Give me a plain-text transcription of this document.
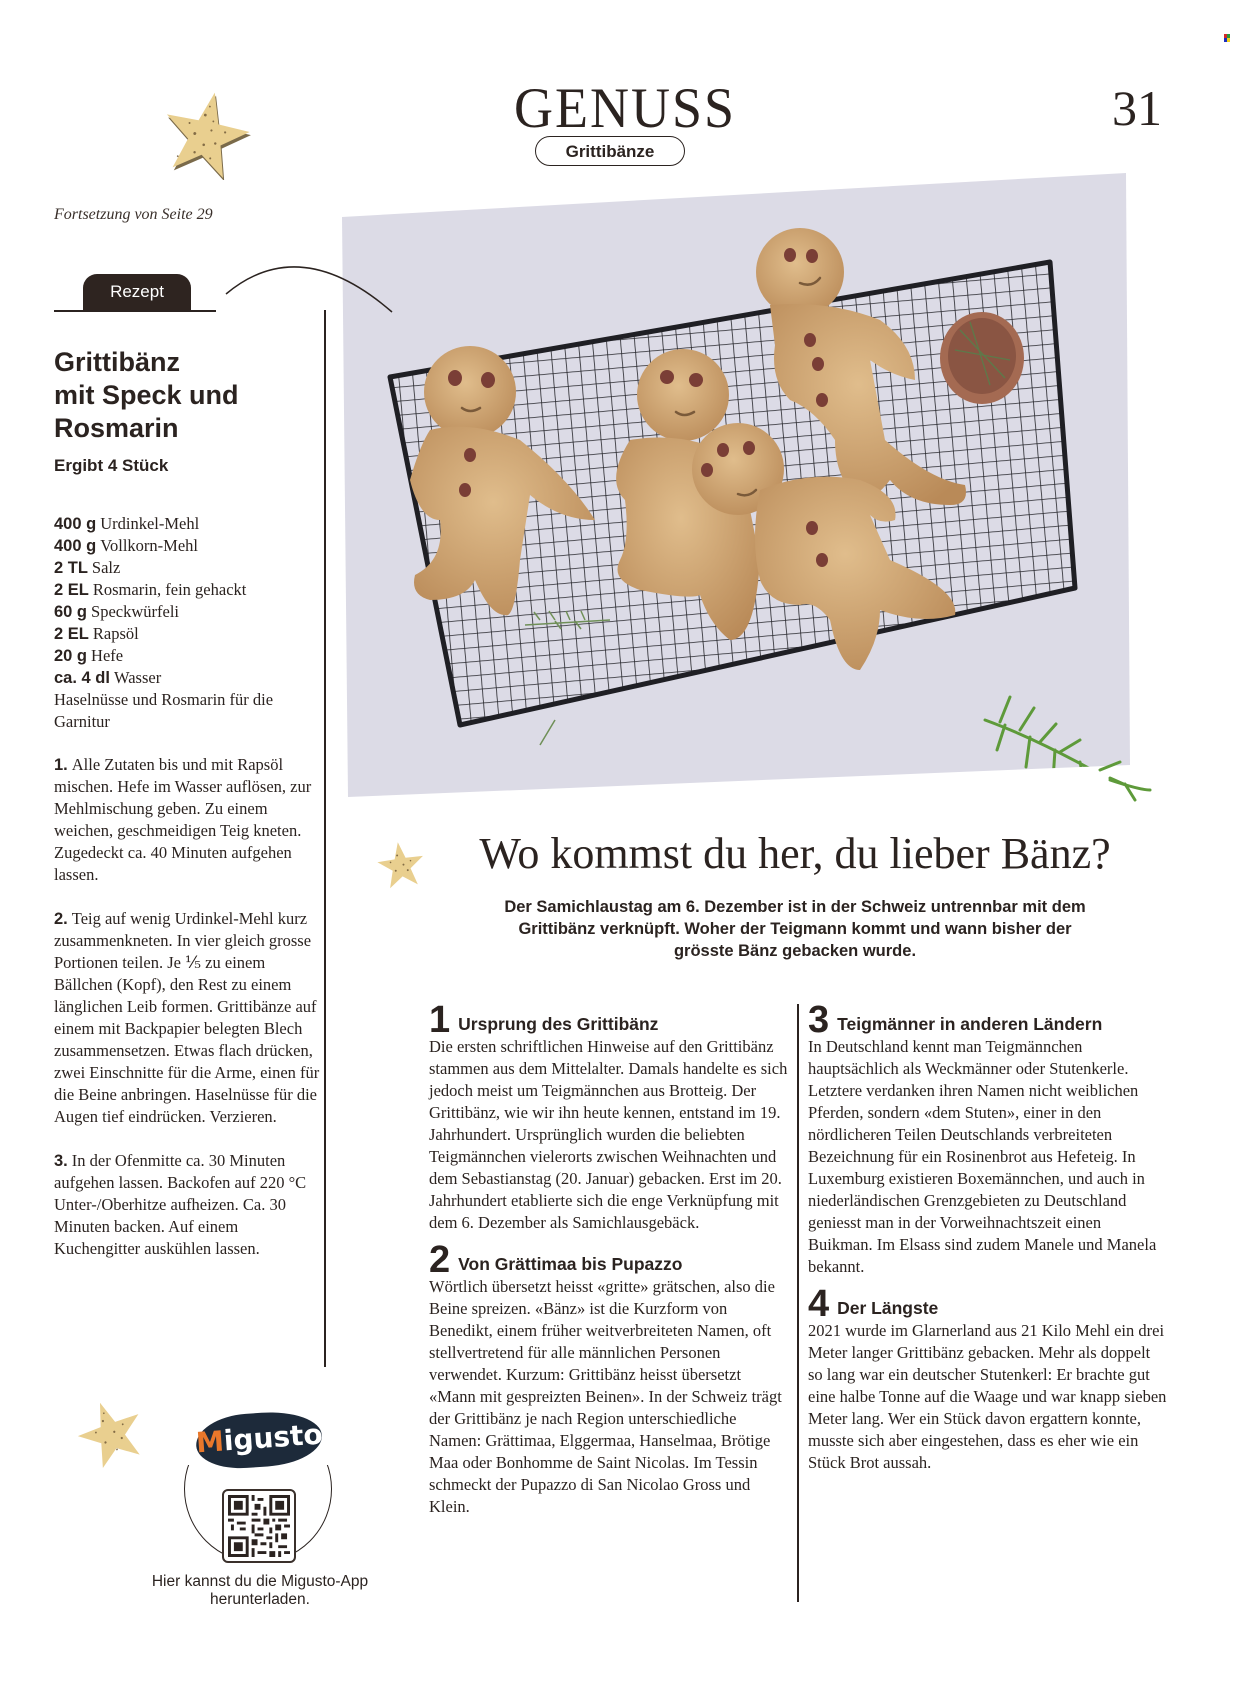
GENUSS	31
Grittibänze
Fortsetzung von Seite 29
Rezept
Grittibänz
mit Speck und
Rosmarin
Ergibt 4 Stück
400 g Urdinkel-Mehl
400 g Vollkorn-Mehl
2 TL Salz
2 EL Rosmarin, fein gehackt
60 g Speckwürfeli
2 EL Rapsöl
20 g Hefe
ca. 4 dl Wasser
Haselnüsse und Rosmarin für die Garnitur

1. Alle Zutaten bis und mit Rapsöl mischen. Hefe im Wasser auflösen, zur Mehlmischung geben. Zu einem weichen, geschmeidigen Teig kneten. Zugedeckt ca. 40 Minuten aufgehen lassen.

2. Teig auf wenig Urdinkel-Mehl kurz zusammenkneten. In vier gleich grosse Portionen teilen. Je ⅕ zu einem Bällchen (Kopf), den Rest zu einem länglichen Leib formen. Grittibänze auf einem mit Backpapier belegten Blech zusammensetzen. Etwas flach drücken, zwei Einschnitte für die Arme, einen für die Beine anbringen. Haselnüsse für die Augen tief eindrücken. Verzieren.

3. In der Ofenmitte ca. 30 Minuten aufgehen lassen. Backofen auf 220 °C Unter-/Oberhitze aufheizen. Ca. 30 Minuten backen. Auf einem Kuchengitter auskühlen lassen.

Wo kommst du her, du lieber Bänz?
Der Samichlaustag am 6. Dezember ist in der Schweiz untrennbar mit dem Grittibänz verknüpft. Woher der Teigmann kommt und wann bisher der grösste Bänz gebacken wurde.
1 Ursprung des Grittibänz

Die ersten schriftlichen Hinweise auf den Grittibänz stammen aus dem Mittelalter. Damals handelte es sich jedoch meist um Teigmännchen aus Brotteig. Der Grittibänz, wie wir ihn heute kennen, entstand im 19. Jahrhundert. Ursprünglich wurden die beliebten Teigmännchen vielerorts zwischen Weihnachten und dem Sebastianstag (20. Januar) gebacken. Erst im 20. Jahrhundert etablierte sich die enge Verknüpfung mit dem 6. Dezember als Samichlausgebäck.

2 Von Grättimaa bis Pupazzo

Wörtlich übersetzt heisst «gritte» grätschen, also die Beine spreizen. «Bänz» ist die Kurzform von Benedikt, einem früher weitverbreiteten Namen, oft stellvertretend für alle männlichen Personen verwendet. Kurzum: Grittibänz heisst übersetzt «Mann mit gespreizten Beinen». In der Schweiz trägt der Grittibänz je nach Region unterschiedliche Namen: Grättimaa, Elggermaa, Hanselmaa, Brötige Maa oder Bonhomme de Saint Nicolas. Im Tessin schmeckt der Pupazzo di San Nicolao Gross und Klein.

3 Teigmänner in anderen Ländern

In Deutschland kennt man Teigmännchen hauptsächlich als Weckmänner oder Stutenkerle. Letztere verdanken ihren Namen nicht weiblichen Pferden, sondern «dem Stuten», einer in den nördlicheren Teilen Deutschlands verbreiteten Bezeichnung für ein Rosinenbrot aus Hefeteig. In Luxemburg existieren Boxemännchen, und auch in niederländischen Grenzgebieten zu Deutschland geniesst man in der Vorweihnachtszeit einen Buikman. Im Elsass sind zudem Manele und Manela bekannt.

4 Der Längste

2021 wurde im Glarnerland aus 21 Kilo Mehl ein drei Meter langer Grittibänz gebacken. Mehr als doppelt so lang war ein deutscher Stutenkerl: Er brachte gut eine halbe Tonne auf die Waage und war knapp sieben Meter lang. Wer ein Stück davon ergattern konnte, musste sich aber eingestehen, dass es eher wie ein Stück Brot aussah.

Migusto
Hier kannst du die Migusto-App herunterladen.
